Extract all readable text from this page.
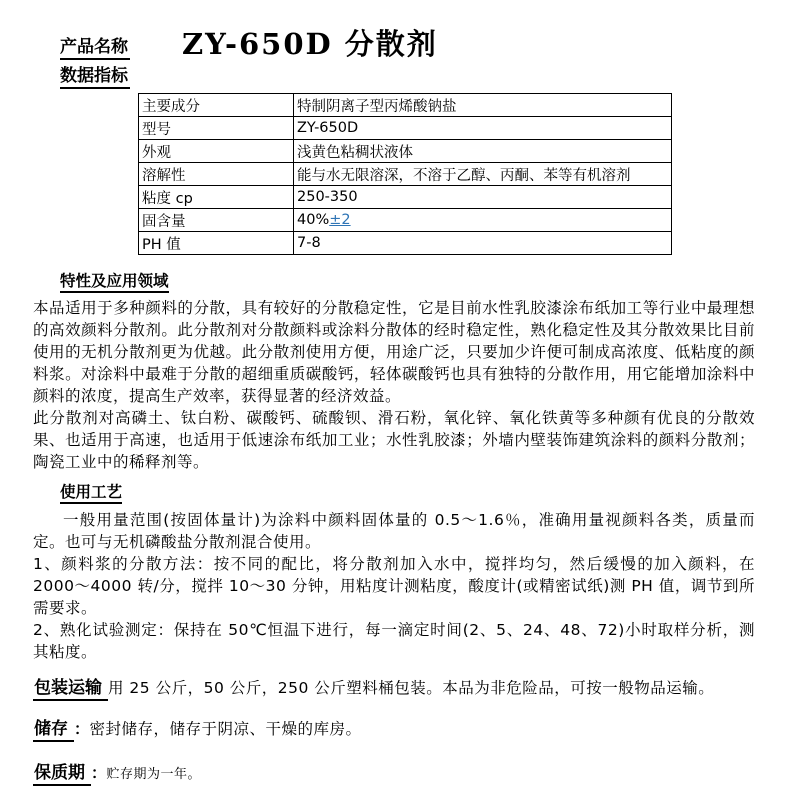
产品名称 ZY-650D 分散剂
数据指标
主要成分	特制阴离子型丙烯酸钠盐
型号	ZY-650D
外观	浅黄色粘稠状液体
溶解性	能与水无限溶深，不溶于乙醇、丙酮、苯等有机溶剂
粘度 cp	250-350
固含量	40%±2
PH 值	7-8
特性及应用领域

本品适用于多种颜料的分散，具有较好的分散稳定性，它是目前水性乳胶漆涂布纸加工等行业中最理想的高效颜料分散剂。此分散剂对分散颜料或涂料分散体的经时稳定性，熟化稳定性及其分散效果比目前使用的无机分散剂更为优越。此分散剂使用方便，用途广泛，只要加少许便可制成高浓度、低粘度的颜料浆。对涂料中最难于分散的超细重质碳酸钙，轻体碳酸钙也具有独特的分散作用，用它能增加涂料中颜料的浓度，提高生产效率，获得显著的经济效益。

此分散剂对高磷土、钛白粉、碳酸钙、硫酸钡、滑石粉，氧化锌、氧化铁黄等多种颜有优良的分散效果、也适用于高速，也适用于低速涂布纸加工业；水性乳胶漆；外墙内壁装饰建筑涂料的颜料分散剂；陶瓷工业中的稀释剂等。

使用工艺

一般用量范围(按固体量计)为涂料中颜料固体量的 0.5～1.6％，准确用量视颜料各类，质量而定。也可与无机磷酸盐分散剂混合使用。

1、颜料浆的分散方法：按不同的配比，将分散剂加入水中，搅拌均匀，然后缓慢的加入颜料，在 2000～4000 转/分，搅拌 10～30 分钟，用粘度计测粘度，酸度计(或精密试纸)测 PH 值，调节到所需要求。

2、熟化试验测定：保持在 50℃恒温下进行，每一滴定时间(2、5、24、48、72)小时取样分析，测其粘度。

包装运输 用 25 公斤，50 公斤，250 公斤塑料桶包装。本品为非危险品，可按一般物品运输。
储存 ：密封储存，储存于阴凉、干燥的库房。
保质期 ：贮存期为一年。
